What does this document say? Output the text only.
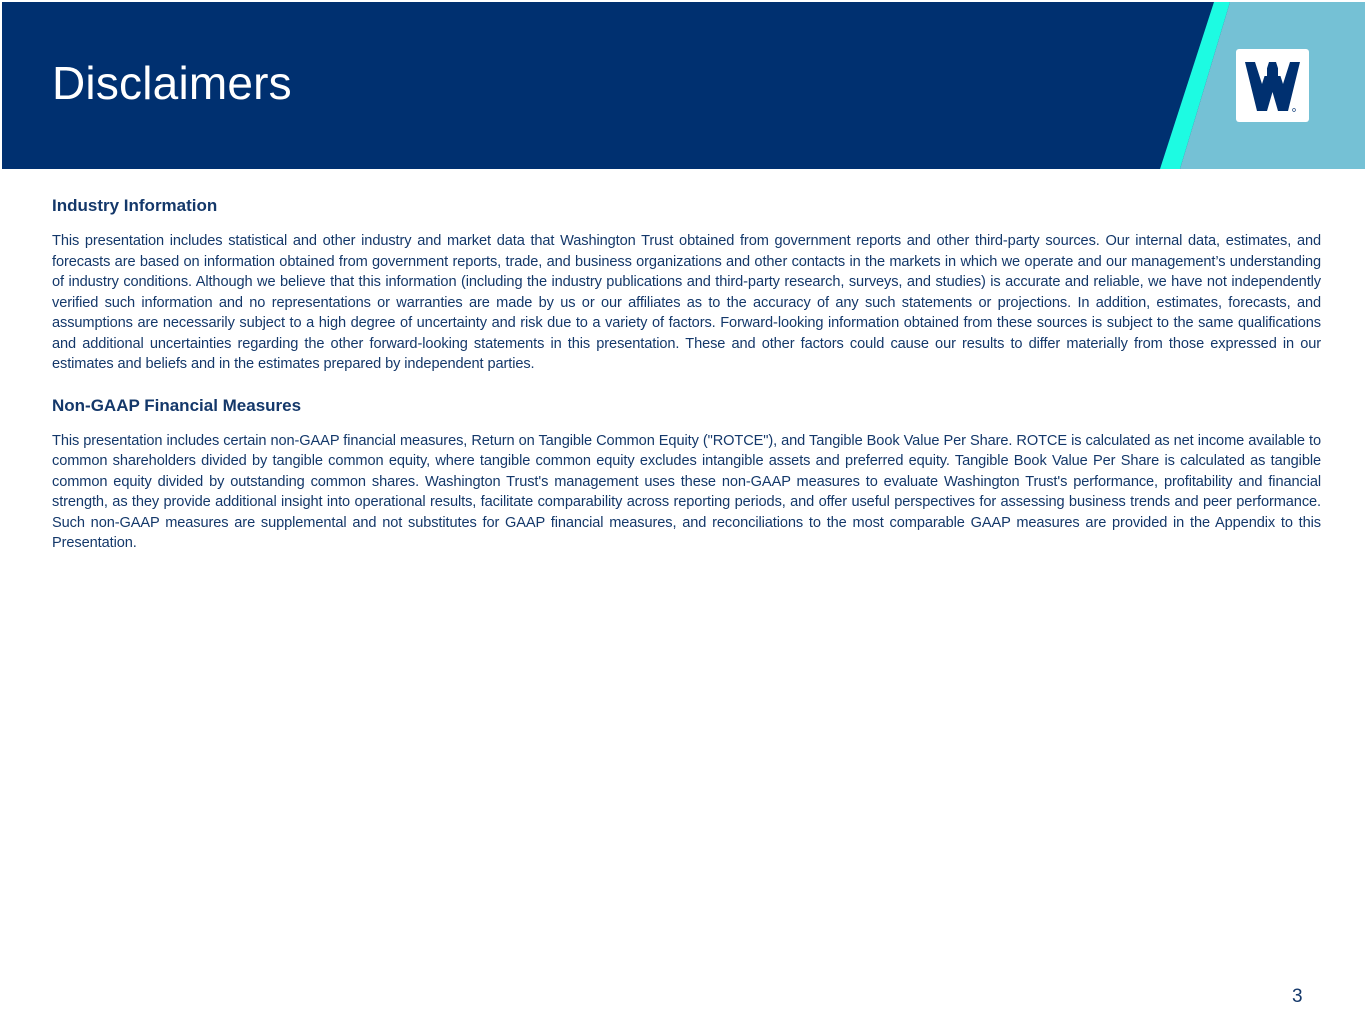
Disclaimers
Industry Information

This presentation includes statistical and other industry and market data that Washington Trust obtained from government reports and other third-party sources. Our internal data, estimates, and forecasts are based on information obtained from government reports, trade, and business organizations and other contacts in the markets in which we operate and our management’s understanding of industry conditions. Although we believe that this information (including the industry publications and third-party research, surveys, and studies) is accurate and reliable, we have not independently verified such information and no representations or warranties are made by us or our affiliates as to the accuracy of any such statements or projections. In addition, estimates, forecasts, and assumptions are necessarily subject to a high degree of uncertainty and risk due to a variety of factors. Forward-looking information obtained from these sources is subject to the same qualifications and additional uncertainties regarding the other forward-looking statements in this presentation. These and other factors could cause our results to differ materially from those expressed in our estimates and beliefs and in the estimates prepared by independent parties.

Non-GAAP Financial Measures

This presentation includes certain non-GAAP financial measures, Return on Tangible Common Equity ("ROTCE"), and Tangible Book Value Per Share. ROTCE is calculated as net income available to common shareholders divided by tangible common equity, where tangible common equity excludes intangible assets and preferred equity. Tangible Book Value Per Share is calculated as tangible common equity divided by outstanding common shares. Washington Trust's management uses these non-GAAP measures to evaluate Washington Trust's performance, profitability and financial strength, as they provide additional insight into operational results, facilitate comparability across reporting periods, and offer useful perspectives for assessing business trends and peer performance. Such non-GAAP measures are supplemental and not substitutes for GAAP financial measures, and reconciliations to the most comparable GAAP measures are provided in the Appendix to this Presentation.

3
